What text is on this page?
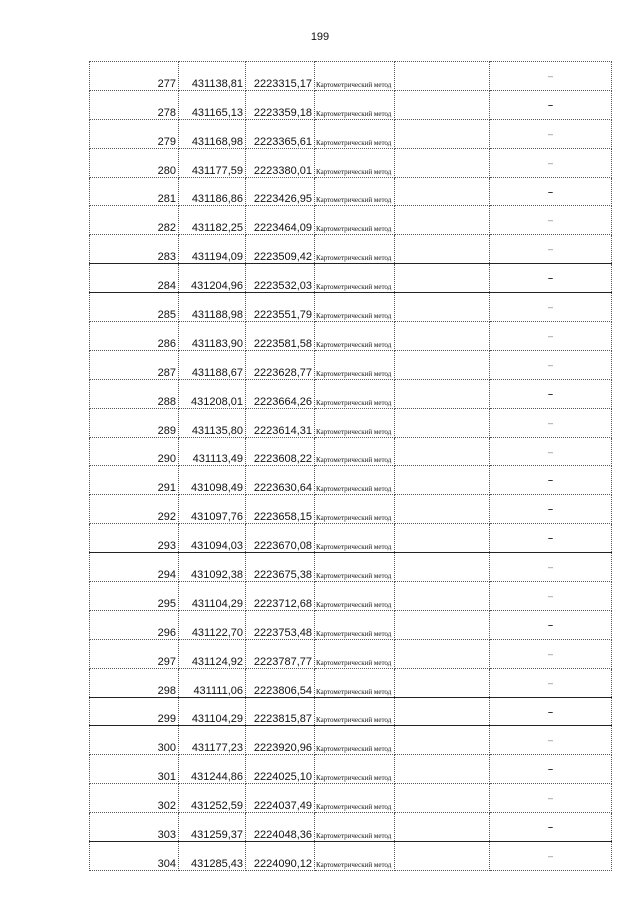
199
277	431138,81	2223315,17	Картометрический метод		–
278	431165,13	2223359,18	Картометрический метод		–
279	431168,98	2223365,61	Картометрический метод		–
280	431177,59	2223380,01	Картометрический метод		–
281	431186,86	2223426,95	Картометрический метод		–
282	431182,25	2223464,09	Картометрический метод		–
283	431194,09	2223509,42	Картометрический метод		–
284	431204,96	2223532,03	Картометрический метод		–
285	431188,98	2223551,79	Картометрический метод		–
286	431183,90	2223581,58	Картометрический метод		–
287	431188,67	2223628,77	Картометрический метод		–
288	431208,01	2223664,26	Картометрический метод		–
289	431135,80	2223614,31	Картометрический метод		–
290	431113,49	2223608,22	Картометрический метод		–
291	431098,49	2223630,64	Картометрический метод		–
292	431097,76	2223658,15	Картометрический метод		–
293	431094,03	2223670,08	Картометрический метод		–
294	431092,38	2223675,38	Картометрический метод		–
295	431104,29	2223712,68	Картометрический метод		–
296	431122,70	2223753,48	Картометрический метод		–
297	431124,92	2223787,77	Картометрический метод		–
298	431111,06	2223806,54	Картометрический метод		–
299	431104,29	2223815,87	Картометрический метод		–
300	431177,23	2223920,96	Картометрический метод		–
301	431244,86	2224025,10	Картометрический метод		–
302	431252,59	2224037,49	Картометрический метод		–
303	431259,37	2224048,36	Картометрический метод		–
304	431285,43	2224090,12	Картометрический метод		–
